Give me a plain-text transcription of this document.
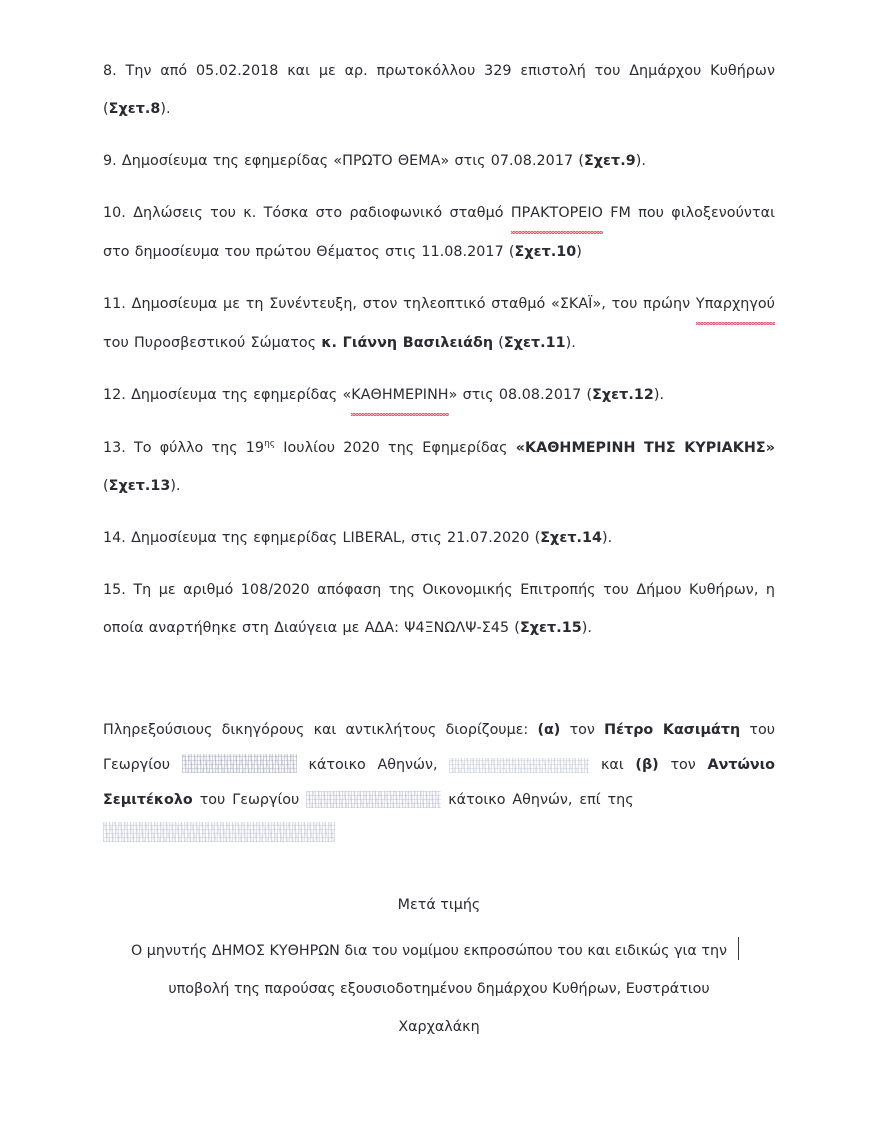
8. Την από 05.02.2018 και με αρ. πρωτοκόλλου 329 επιστολή του Δημάρχου Κυθήρων (Σχετ.8).

9. Δημοσίευμα της εφημερίδας «ΠΡΩΤΟ ΘΕΜΑ» στις 07.08.2017 (Σχετ.9).

10. Δηλώσεις του κ. Τόσκα στο ραδιοφωνικό σταθμό ΠΡΑΚΤΟΡΕΙΟ FM που φιλοξενούνται στο δημοσίευμα του πρώτου Θέματος στις 11.08.2017 (Σχετ.10)

11. Δημοσίευμα με τη Συνέντευξη, στον τηλεοπτικό σταθμό «ΣΚΑΪ», του πρώην Υπαρχηγού του Πυροσβεστικού Σώματος κ. Γιάννη Βασιλειάδη (Σχετ.11).

12. Δημοσίευμα της εφημερίδας «ΚΑΘΗΜΕΡΙΝΗ» στις 08.08.2017 (Σχετ.12).

13. Το φύλλο της $19^{\eta\varsigma}$ Ιουλίου 2020 της Εφημερίδας «ΚΑΘΗΜΕΡΙΝΗ ΤΗΣ ΚΥΡΙΑΚΗΣ» (Σχετ.13).

14. Δημοσίευμα της εφημερίδας LIBERAL, στις 21.07.2020 (Σχετ.14).

15. Τη με αριθμό 108/2020 απόφαση της Οικονομικής Επιτροπής του Δήμου Κυθήρων, η οποία αναρτήθηκε στη Διαύγεια με ΑΔΑ: Ψ4ΞΝΩΛΨ-Σ45 (Σχετ.15).

Πληρεξούσιους δικηγόρους και αντικλήτους διορίζουμε: (α) τον Πέτρο Κασιμάτη του Γεωργίου	κάτοικο Αθηνών,	και (β) τον Αντώνιο Σεμιτέκολο του Γεωργίου	κάτοικο Αθηνών, επί της

Μετά τιμής

Ο μηνυτής ΔΗΜΟΣ ΚΥΘΗΡΩΝ δια του νομίμου εκπροσώπου του και ειδικώς για την
υποβολή της παρούσας εξουσιοδοτημένου δημάρχου Κυθήρων, Ευστράτιου
Χαρχαλάκη
